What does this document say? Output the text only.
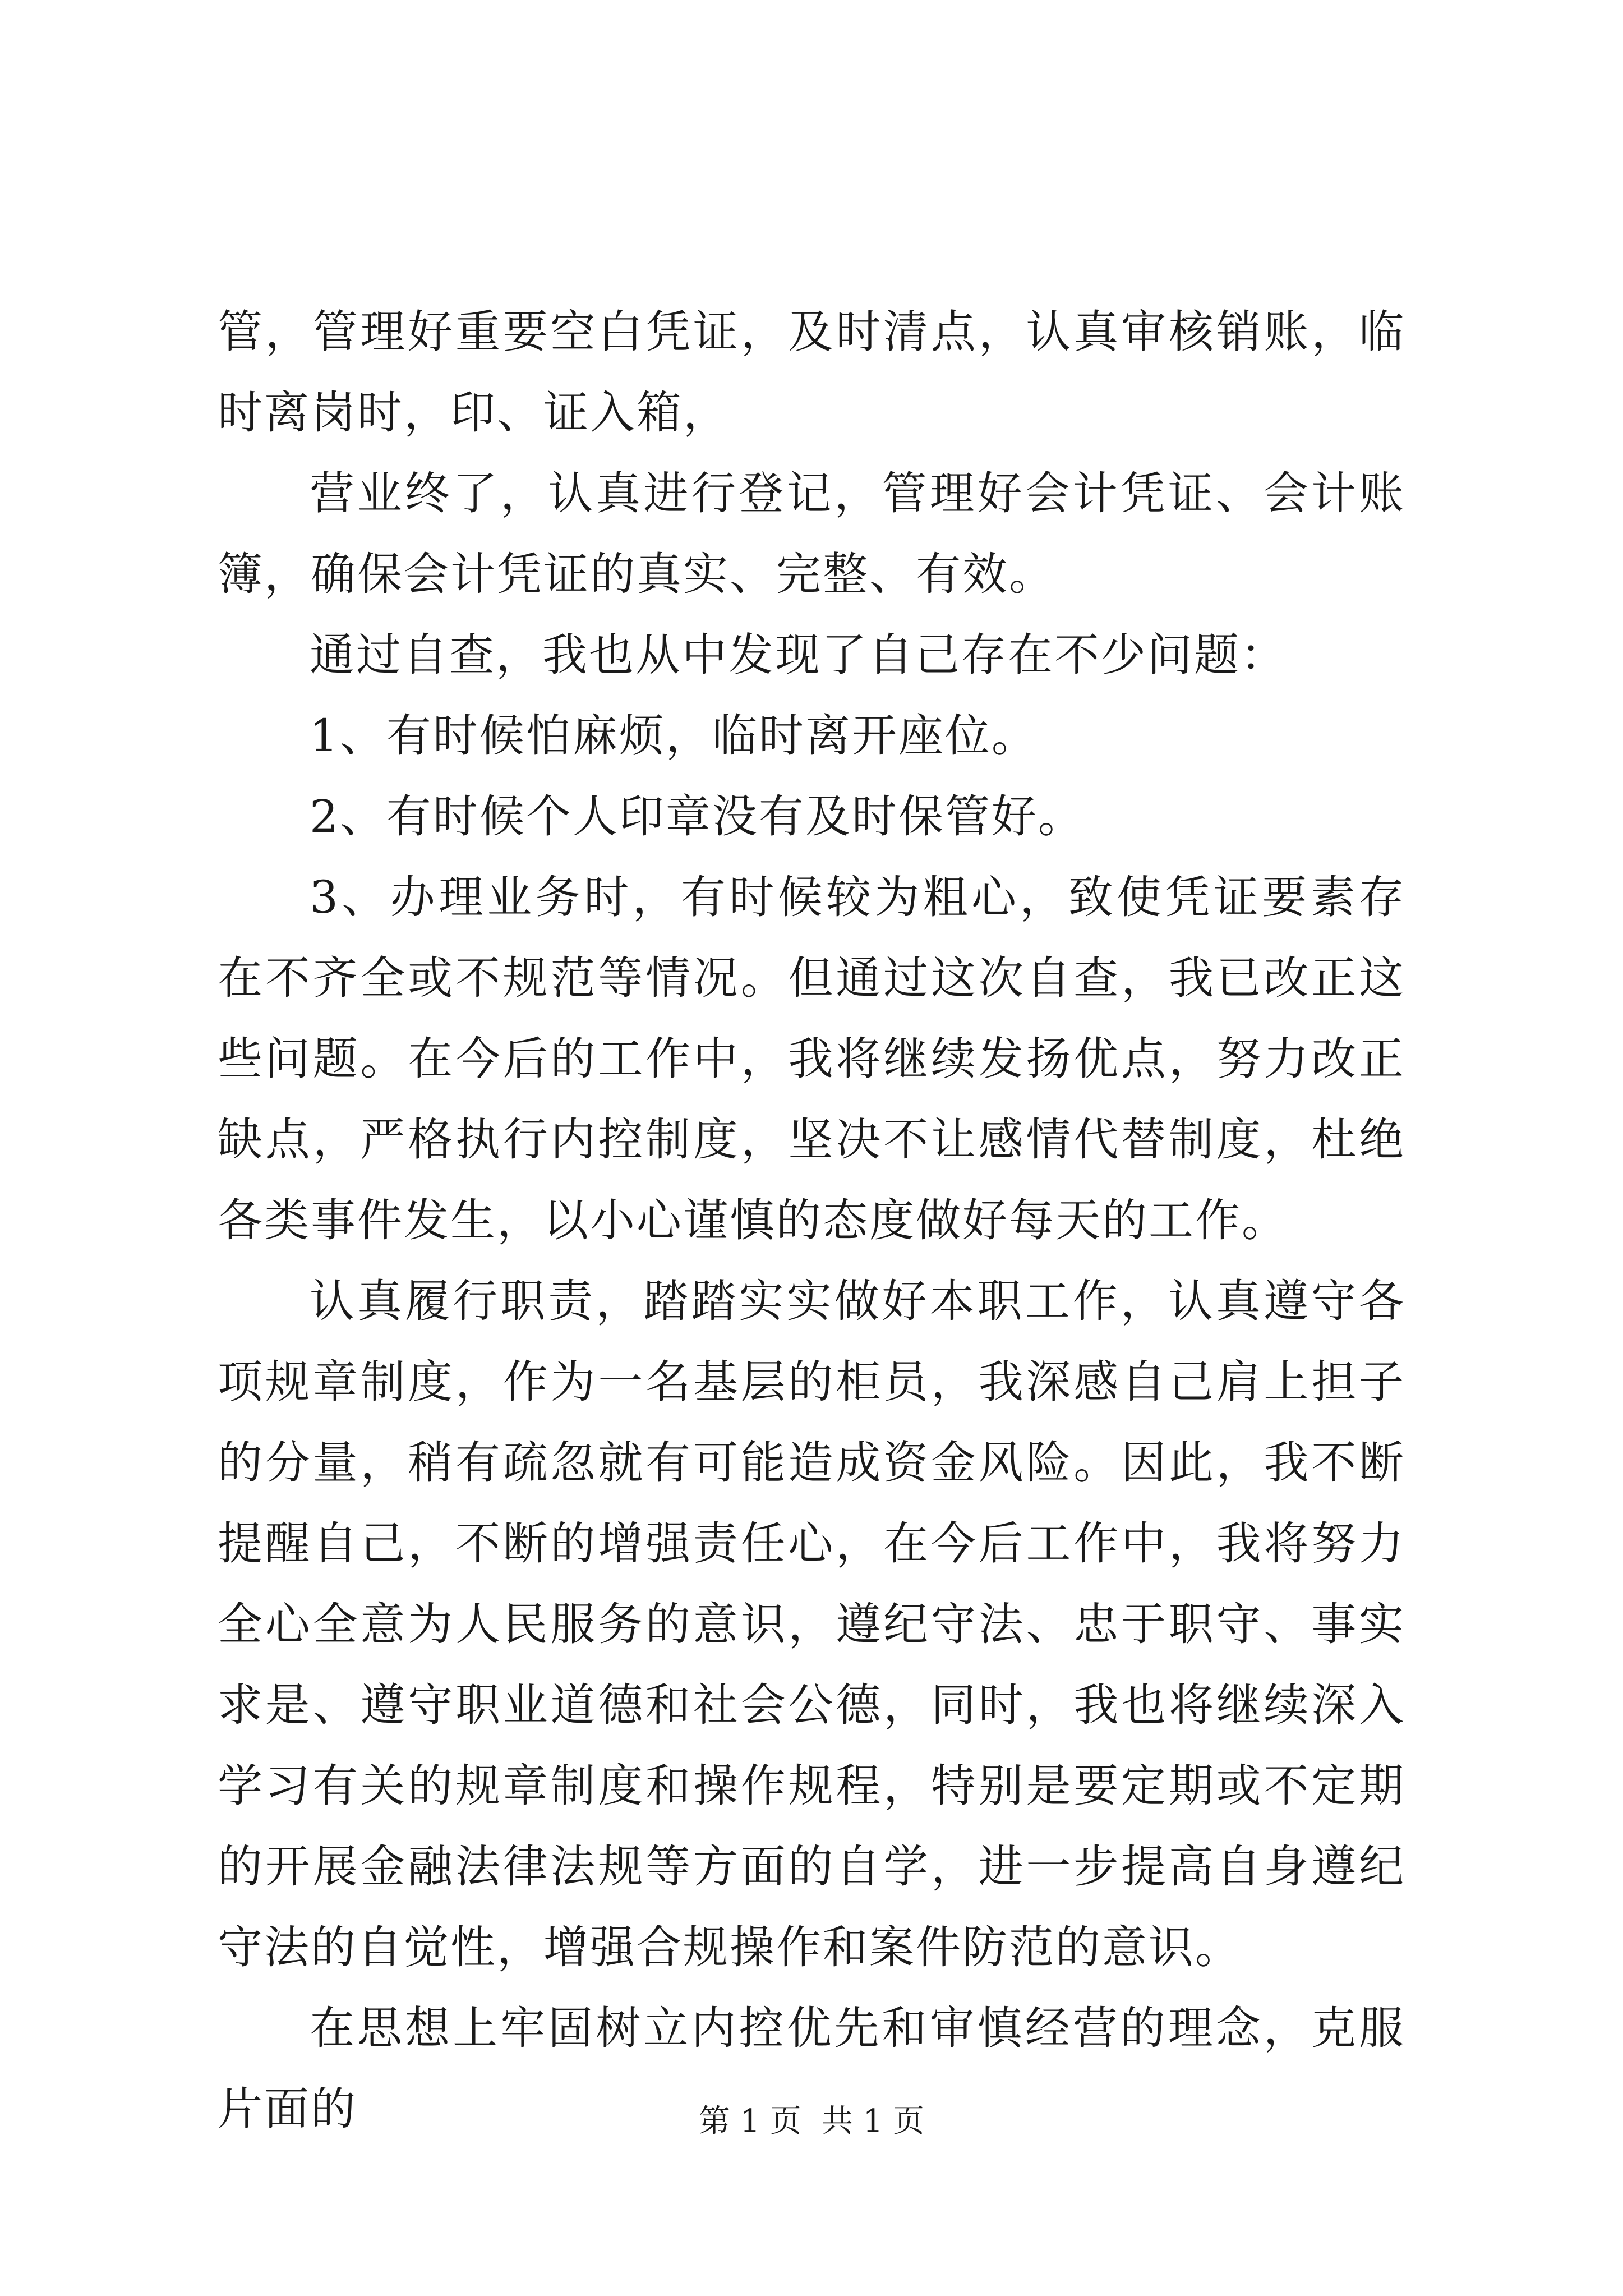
管，管理好重要空白凭证，及时清点，认真审核销账，临时离岗时，印、证入箱，

营业终了，认真进行登记，管理好会计凭证、会计账簿，确保会计凭证的真实、完整、有效。

通过自查，我也从中发现了自己存在不少问题：

1、有时候怕麻烦，临时离开座位。

2、有时候个人印章没有及时保管好。

3、办理业务时，有时候较为粗心，致使凭证要素存在不齐全或不规范等情况。但通过这次自查，我已改正这些问题。在今后的工作中，我将继续发扬优点，努力改正缺点，严格执行内控制度，坚决不让感情代替制度，杜绝各类事件发生，以小心谨慎的态度做好每天的工作。

认真履行职责，踏踏实实做好本职工作，认真遵守各项规章制度，作为一名基层的柜员，我深感自己肩上担子的分量，稍有疏忽就有可能造成资金风险。因此，我不断提醒自己，不断的增强责任心，在今后工作中，我将努力全心全意为人民服务的意识，遵纪守法、忠于职守、事实求是、遵守职业道德和社会公德，同时，我也将继续深入学习有关的规章制度和操作规程，特别是要定期或不定期的开展金融法律法规等方面的自学，进一步提高自身遵纪守法的自觉性，增强合规操作和案件防范的意识。

在思想上牢固树立内控优先和审慎经营的理念，克服片面的	第 1 页 共 1 页
